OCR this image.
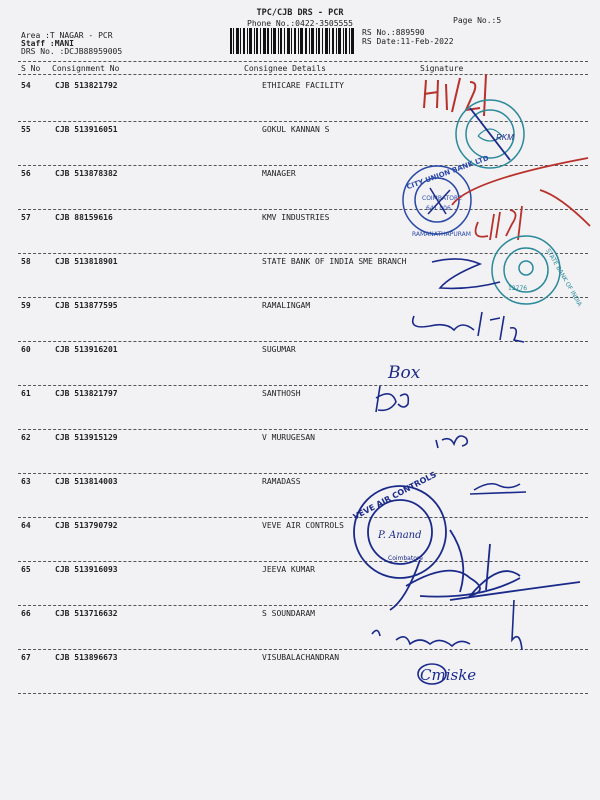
TPC/CJB DRS - PCR
Phone No.:0422-3505555	Page No.:5
Area :T NAGAR - PCR
Staff :MANI
DRS No. :DCJB88959005
RS No.:889590
RS Date:11-Feb-2022
S No Consignment No	Consignee Details	Signature
54	CJB 513821792	ETHICARE FACILITY
55	CJB 513916051	GOKUL KANNAN S
56	CJB 513878382	MANAGER
57	CJB 88159616	KMV INDUSTRIES
58	CJB 513818901	STATE BANK OF INDIA SME BRANCH
59	CJB 513877595	RAMALINGAM
60	CJB 513916201	SUGUMAR
61	CJB 513821797	SANTHOSH
62	CJB 513915129	V MURUGESAN
63	CJB 513814003	RAMADASS
64	CJB 513790792	VEVE AIR CONTROLS
65	CJB 513916093	JEEVA KUMAR
66	CJB 513716632	S SOUNDARAM
67	CJB 513896673	VISUBALACHANDRAN
RKM
CITY UNION BANK LTD
COIMBATORE
641 006
RAMANATHAPURAM
12776	STATE BANK OF INDIA
Box
VEVE AIR CONTROLS
Coimbatore
P. Anand
Cmiske
